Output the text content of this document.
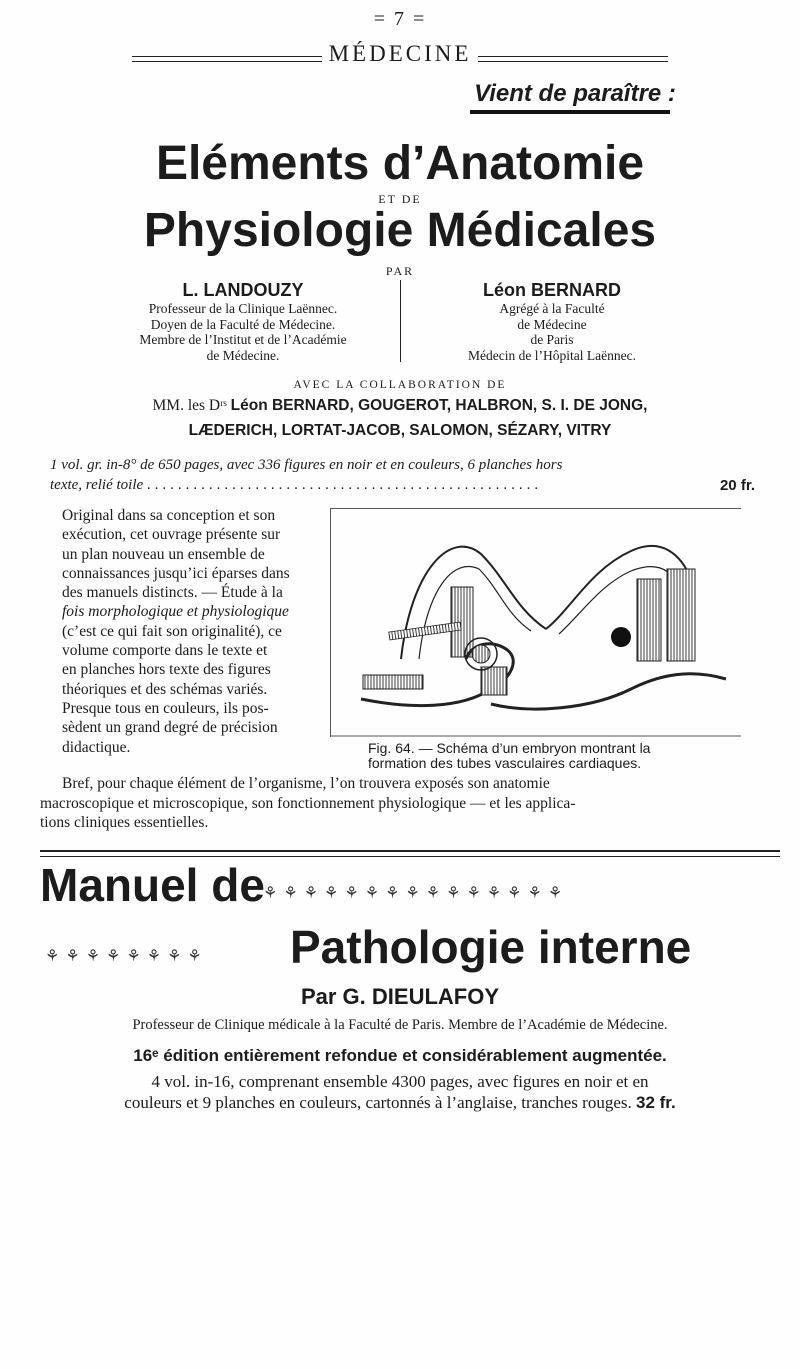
= 7 =
MÉDECINE
Vient de paraître :
Eléments d’Anatomie
ET DE
Physiologie Médicales
PAR
L. LANDOUZY
Professeur de la Clinique Laënnec.
Doyen de la Faculté de Médecine.
Membre de l’Institut et de l’Académie
de Médecine.
Léon BERNARD
Agrégé à la Faculté
de Médecine
de Paris
Médecin de l’Hôpital Laënnec.
AVEC LA COLLABORATION DE
MM. les Dʳˢ Léon BERNARD, GOUGEROT, HALBRON, S. I. DE JONG,
LÆDERICH, LORTAT-JACOB, SALOMON, SÉZARY, VITRY
1 vol. gr. in-8° de 650 pages, avec 336 figures en noir et en couleurs, 6 planches hors
texte, relié toile ...................................................	20 fr.
Original dans sa conception et son
exécution, cet ouvrage présente sur
un plan nouveau un ensemble de
connaissances jusqu’ici éparses dans
des manuels distincts. — Étude à la
fois morphologique et physiologique
(c’est ce qui fait son originalité), ce
volume comporte dans le texte et
en planches hors texte des figures
théoriques et des schémas variés.
Presque tous en couleurs, ils pos-
sèdent un grand degré de précision
didactique.	Fig. 64. — Schéma d’un embryon montrant la
formation des tubes vasculaires cardiaques.
Bref, pour chaque élément de l’organisme, l’on trouvera exposés son anatomie
macroscopique et microscopique, son fonctionnement physiologique — et les applica-
tions cliniques essentielles.
Manuel de
⚘ ⚘ ⚘ ⚘ ⚘ ⚘ ⚘ ⚘ ⚘ ⚘ ⚘ ⚘ ⚘ ⚘ ⚘
⚘ ⚘ ⚘ ⚘ ⚘ ⚘ ⚘ ⚘ Pathologie interne
Par G. DIEULAFOY
Professeur de Clinique médicale à la Faculté de Paris. Membre de l’Académie de Médecine.
16ᵉ édition entièrement refondue et considérablement augmentée.
4 vol. in-16, comprenant ensemble 4300 pages, avec figures en noir et en
couleurs et 9 planches en couleurs, cartonnés à l’anglaise, tranches rouges. 32 fr.
